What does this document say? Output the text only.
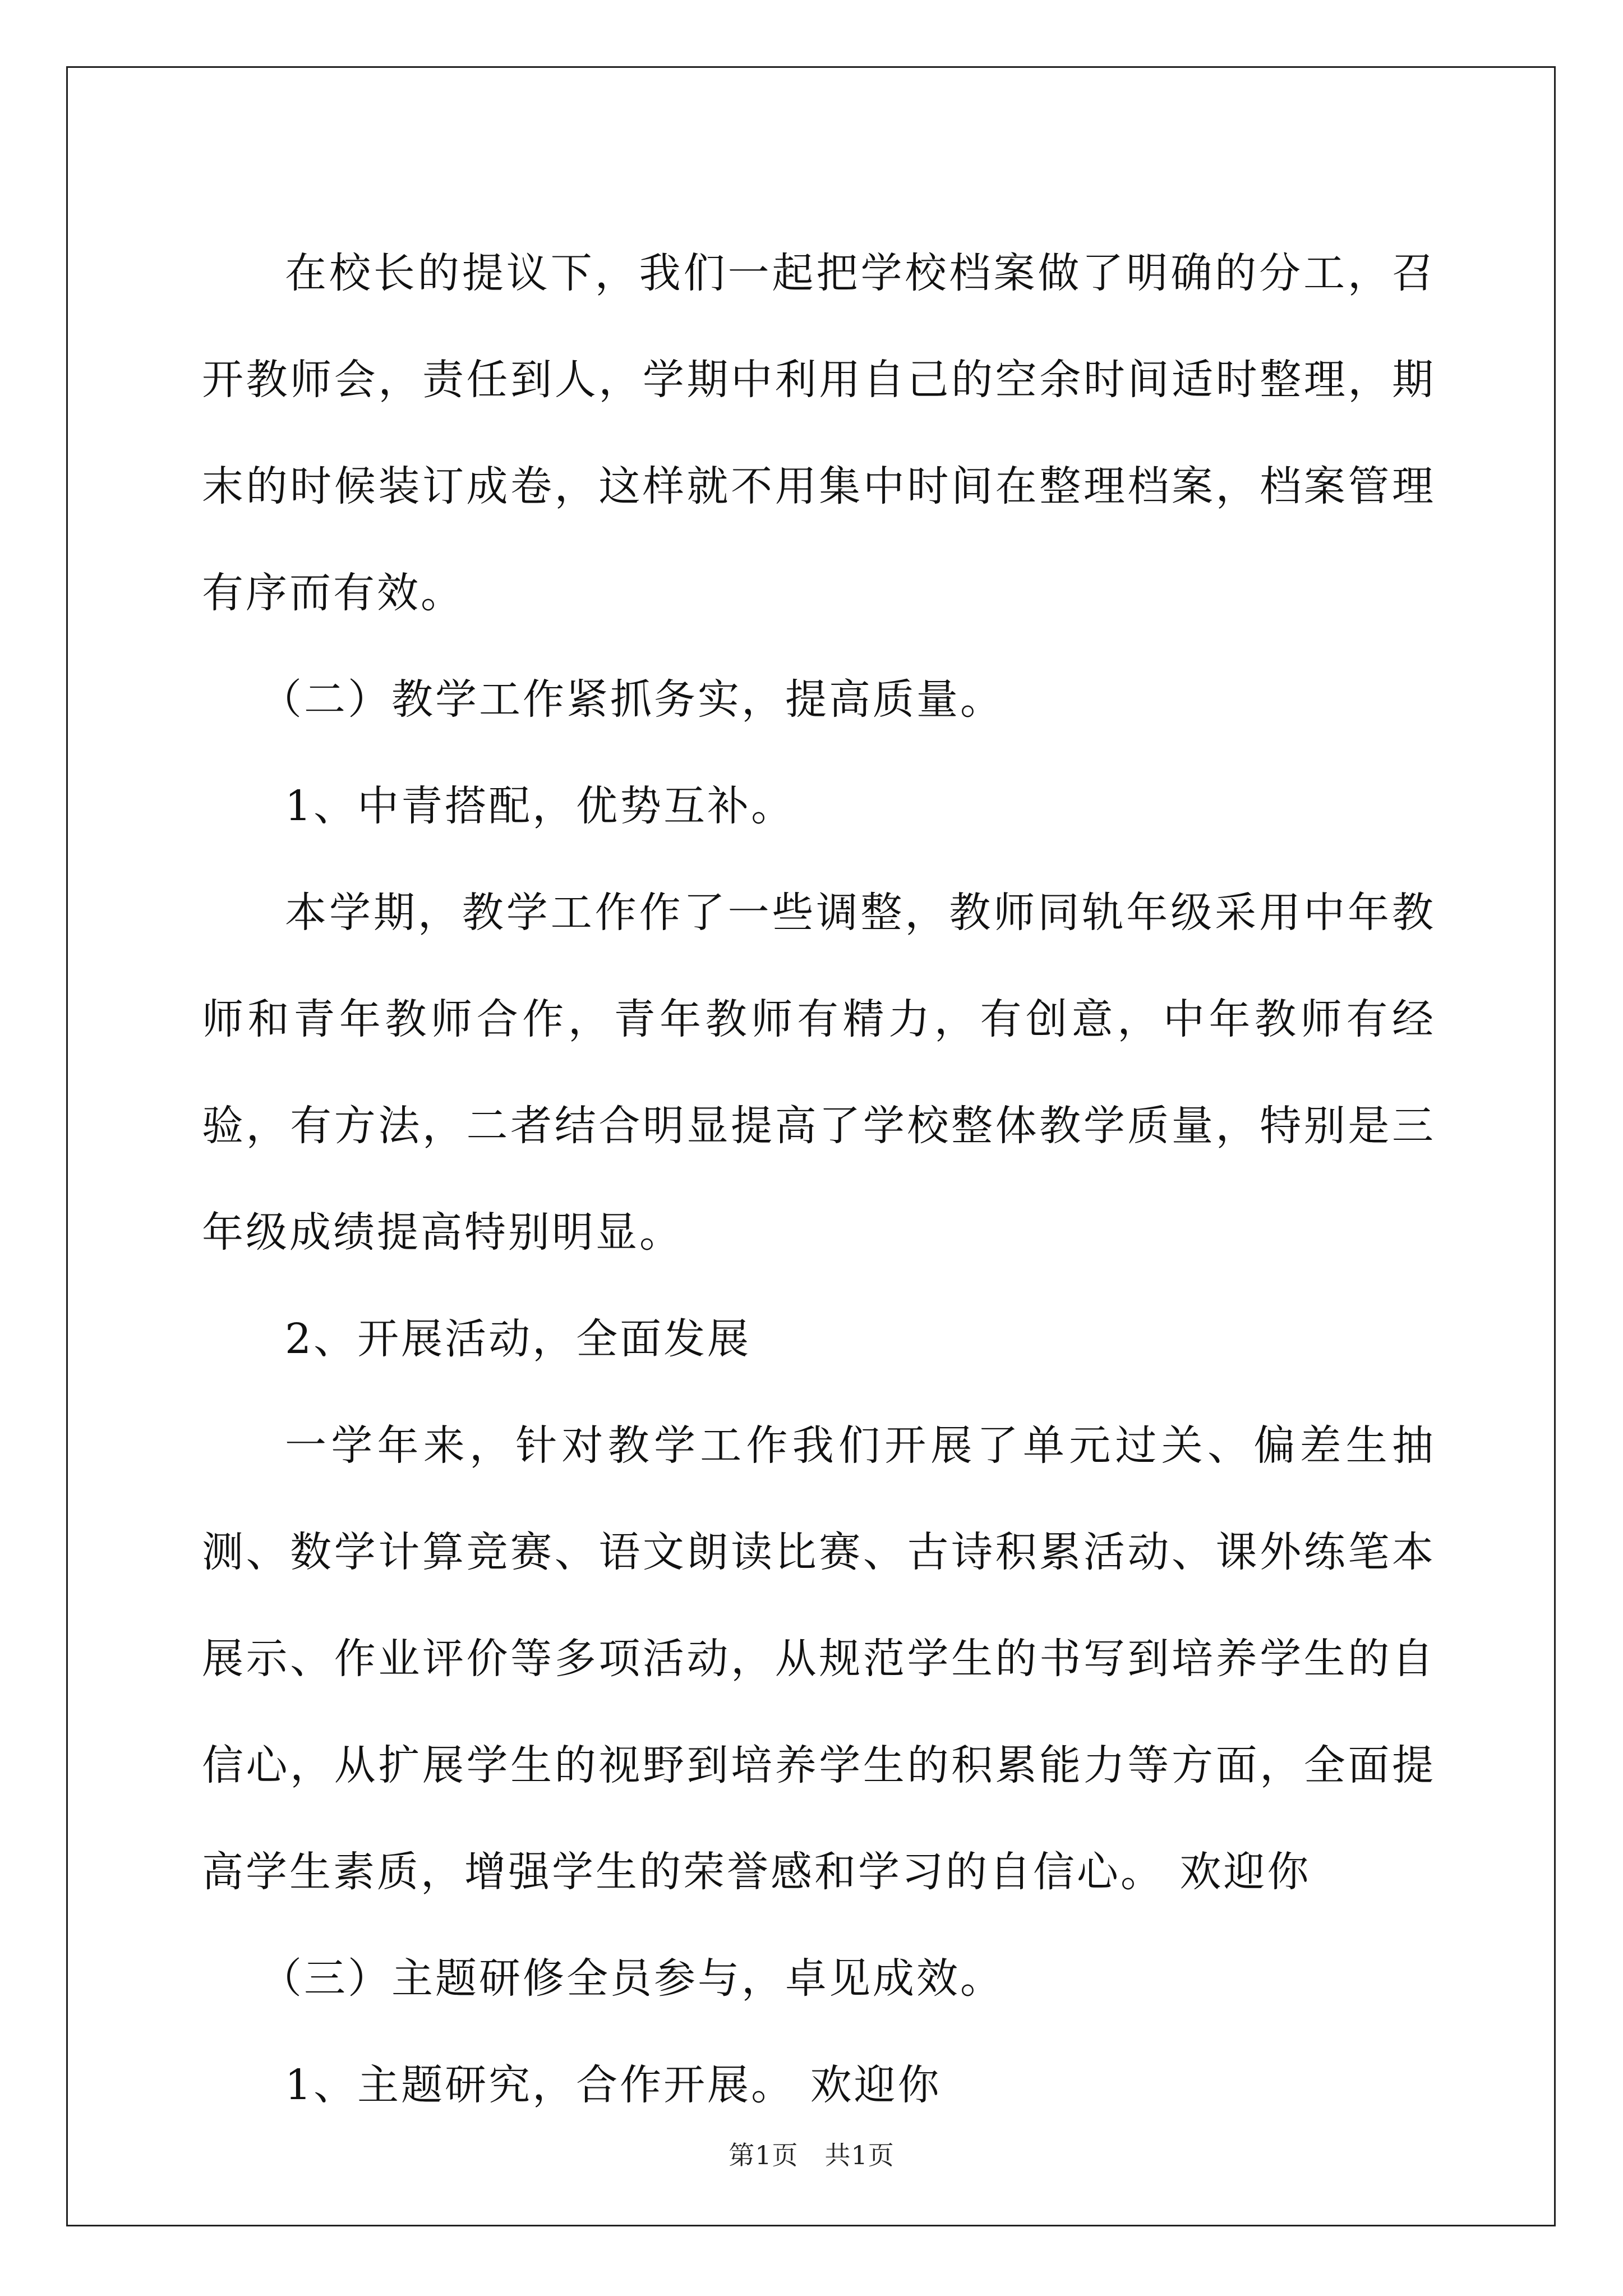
在校长的提议下，我们一起把学校档案做了明确的分工，召开教师会，责任到人，学期中利用自己的空余时间适时整理，期末的时候装订成卷，这样就不用集中时间在整理档案，档案管理有序而有效。

（二）教学工作紧抓务实，提高质量。

1、中青搭配，优势互补。

本学期，教学工作作了一些调整，教师同轨年级采用中年教师和青年教师合作，青年教师有精力，有创意，中年教师有经验，有方法，二者结合明显提高了学校整体教学质量，特别是三年级成绩提高特别明显。

2、开展活动，全面发展

一学年来，针对教学工作我们开展了单元过关、偏差生抽测、数学计算竞赛、语文朗读比赛、古诗积累活动、课外练笔本展示、作业评价等多项活动，从规范学生的书写到培养学生的自信心，从扩展学生的视野到培养学生的积累能力等方面，全面提高学生素质，增强学生的荣誉感和学习的自信心。 欢迎你

（三）主题研修全员参与，卓见成效。

1、主题研究，合作开展。 欢迎你

第1页　共1页
